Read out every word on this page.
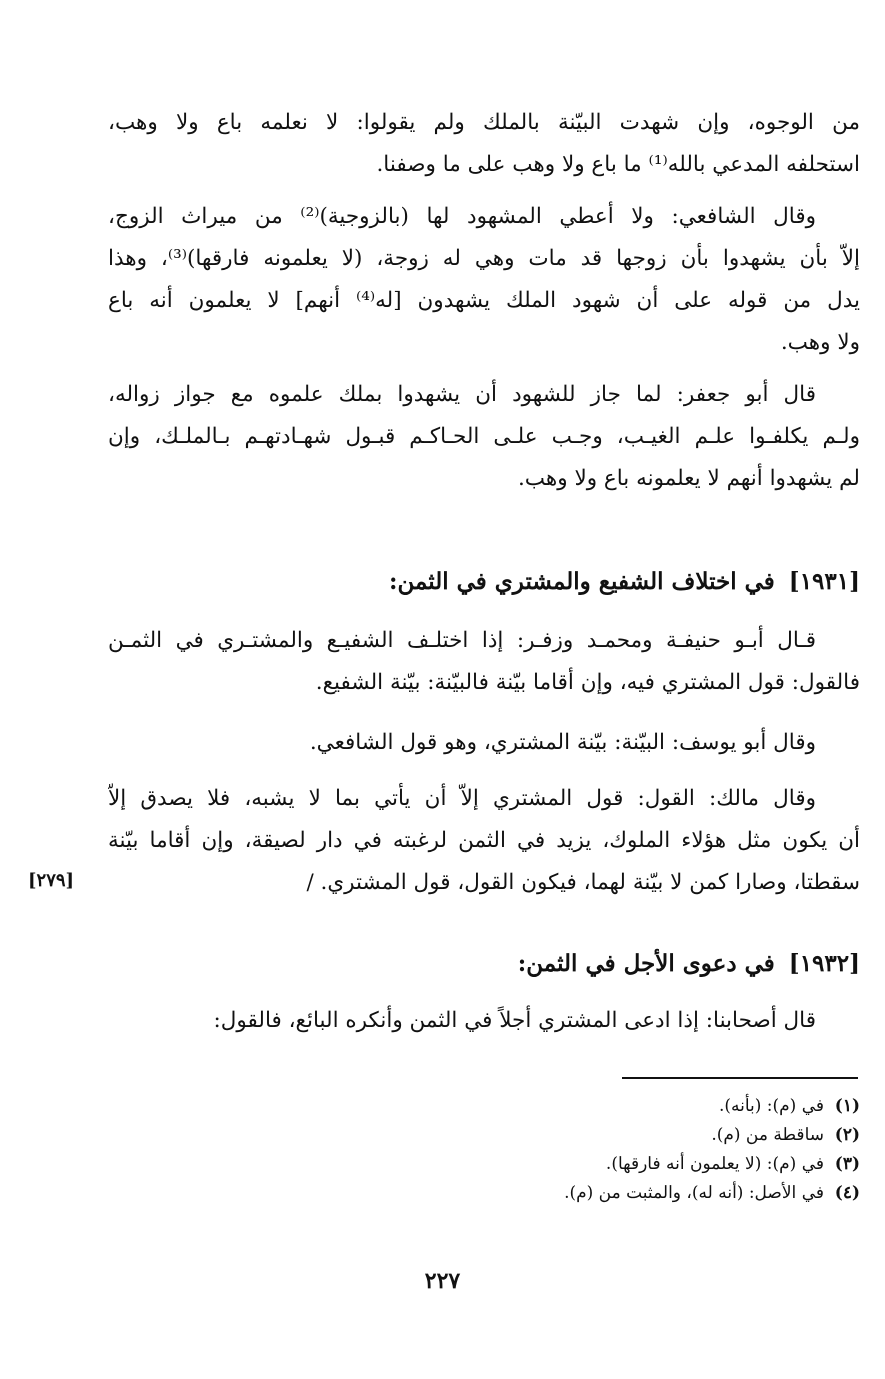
من الوجوه، وإن شهدت البيّنة بالملك ولم يقولوا: لا نعلمه باع ولا وهب،
استحلفه المدعي بالله⁽¹⁾ ما باع ولا وهب على ما وصفنا.
وقال الشافعي: ولا أعطي المشهود لها (بالزوجية)⁽²⁾ من ميراث الزوج،
إلاّ بأن يشهدوا بأن زوجها قد مات وهي له زوجة، (لا يعلمونه فارقها)⁽³⁾، وهذا
يدل من قوله على أن شهود الملك يشهدون [له⁽⁴⁾ أنهم] لا يعلمون أنه باع
ولا وهب.
قال أبو جعفر: لما جاز للشهود أن يشهدوا بملك علموه مع جواز زواله،
ولـم يكلفـوا علـم الغيـب، وجـب علـى الحـاكـم قبـول شهـادتهـم بـالملـك، وإن
لم يشهدوا أنهم لا يعلمونه باع ولا وهب.
[١٩٣١]في اختلاف الشفيع والمشتري في الثمن:
قـال أبـو حنيفـة ومحمـد وزفـر: إذا اختلـف الشفيـع والمشتـري في الثمـن
فالقول: قول المشتري فيه، وإن أقاما بيّنة فالبيّنة: بيّنة الشفيع.
وقال أبو يوسف: البيّنة: بيّنة المشتري، وهو قول الشافعي.
وقال مالك: القول: قول المشتري إلاّ أن يأتي بما لا يشبه، فلا يصدق إلاّ
أن يكون مثل هؤلاء الملوك، يزيد في الثمن لرغبته في دار لصيقة، وإن أقاما بيّنة
سقطتا، وصارا كمن لا بيّنة لهما، فيكون القول، قول المشتري. /
[٢٧٩]
[١٩٣٢]في دعوى الأجل في الثمن:
قال أصحابنا: إذا ادعى المشتري أجلاً في الثمن وأنكره البائع، فالقول:
(١)في (م): (بأنه).
(٢)ساقطة من (م).
(٣)في (م): (لا يعلمون أنه فارقها).
(٤)في الأصل: (أنه له)، والمثبت من (م).
٢٢٧
